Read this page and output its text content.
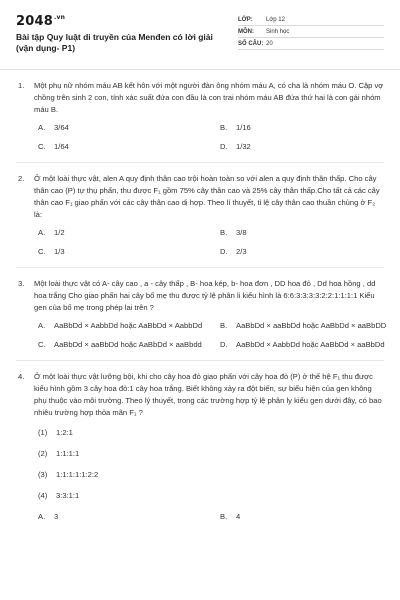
$2048^{.vn}$
Bài tập Quy luật di truyền của Menđen có lời giải (vận dụng- P1)
LỚP:	Lớp 12
MÔN:	Sinh học
SỐ CÂU: 20
1. Một phụ nữ nhóm máu AB kết hôn với một người đàn ông nhóm máu A, có cha là nhóm máu O. Cặp vợ chồng trên sinh 2 con, tính xác suất đứa con đầu là con trai nhóm máu AB đứa thứ hai là con gái nhóm máu B.
A.	3/64	B.	1/16
C.	1/64	D.	1/32
2. Ở một loài thực vật, alen A quy định thân cao trội hoàn toàn so với alen a quy định thân thấp. Cho cây thân cao (P) tự thụ phấn, thu được F₁ gồm 75% cây thân cao và 25% cây thân thấp.Cho tất cả các cây thân cao F₁ giao phấn với các cây thân cao dị hợp. Theo lí thuyết, tỉ lệ cây thân cao thuần chủng ở F₂ là:
A.	1/2	B.	3/8
C.	1/3	D.	2/3
3. Một loài thực vật có A- cây cao , a - cây thấp , B- hoa kép, b- hoa đơn , DD hoa đỏ , Dd hoa hồng , dd hoa trắng Cho giao phấn hai cây bố mẹ thu được tỷ lệ phân li kiểu hình là 6:6:3:3:3:3:2:2:1:1:1:1 Kiểu gen của bố mẹ trong phép lai trên ?
A.	AaBbDd × AabbDd hoặc AaBbDd × AabbDd B.	AaBbDd × aaBbDd hoặc AaBbDd × aaBbDD
C.	AaBbDd × aaBbDd hoặc AaBbDd × aaBbdd D.	AaBbDd × AabbDd hoặc AaBbDd × aaBbDd
4. Ở một loài thực vật lưỡng bội, khi cho cây hoa đỏ giao phấn với cây hoa đỏ (P) ở thế hệ F₁ thu được kiểu hình gồm 3 cây hoa đỏ:1 cây hoa trắng. Biết không xảy ra đột biến, sự biểu hiện của gen không phụ thuộc vào môi trường. Theo lý thuyết, trong các trường hợp tỷ lệ phân ly kiểu gen dưới đây, có bao nhiêu trường hợp thỏa mãn F₁ ?
(1) 1:2:1
(2) 1:1:1:1
(3) 1:1:1:1:1:2:2
(4) 3:3:1:1
A.	3	B.	4
